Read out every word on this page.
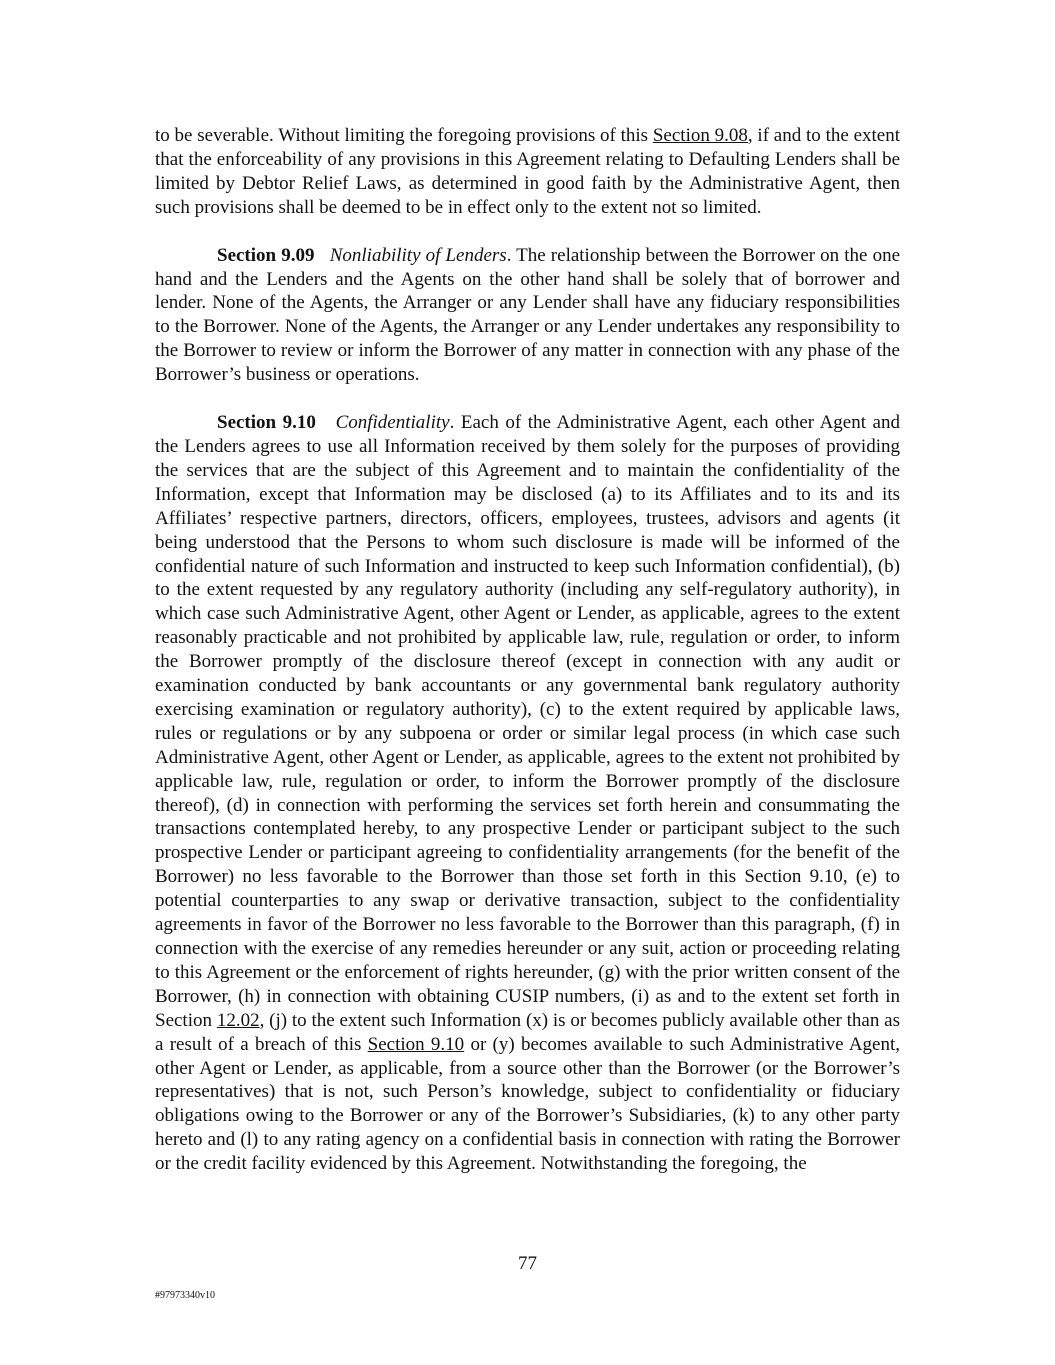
to be severable. Without limiting the foregoing provisions of this Section 9.08, if and to the extent that the enforceability of any provisions in this Agreement relating to Defaulting Lenders shall be limited by Debtor Relief Laws, as determined in good faith by the Administrative Agent, then such provisions shall be deemed to be in effect only to the extent not so limited.

Section 9.09 Nonliability of Lenders. The relationship between the Borrower on the one hand and the Lenders and the Agents on the other hand shall be solely that of borrower and lender. None of the Agents, the Arranger or any Lender shall have any fiduciary responsibilities to the Borrower. None of the Agents, the Arranger or any Lender undertakes any responsibility to the Borrower to review or inform the Borrower of any matter in connection with any phase of the Borrower’s business or operations.

Section 9.10 Confidentiality. Each of the Administrative Agent, each other Agent and the Lenders agrees to use all Information received by them solely for the purposes of providing the services that are the subject of this Agreement and to maintain the confidentiality of the Information, except that Information may be disclosed (a) to its Affiliates and to its and its Affiliates’ respective partners, directors, officers, employees, trustees, advisors and agents (it being understood that the Persons to whom such disclosure is made will be informed of the confidential nature of such Information and instructed to keep such Information confidential), (b) to the extent requested by any regulatory authority (including any self-regulatory authority), in which case such Administrative Agent, other Agent or Lender, as applicable, agrees to the extent reasonably practicable and not prohibited by applicable law, rule, regulation or order, to inform the Borrower promptly of the disclosure thereof (except in connection with any audit or examination conducted by bank accountants or any governmental bank regulatory authority exercising examination or regulatory authority), (c) to the extent required by applicable laws, rules or regulations or by any subpoena or order or similar legal process (in which case such Administrative Agent, other Agent or Lender, as applicable, agrees to the extent not prohibited by applicable law, rule, regulation or order, to inform the Borrower promptly of the disclosure thereof), (d) in connection with performing the services set forth herein and consummating the transactions contemplated hereby, to any prospective Lender or participant subject to the such prospective Lender or participant agreeing to confidentiality arrangements (for the benefit of the Borrower) no less favorable to the Borrower than those set forth in this Section 9.10, (e) to potential counterparties to any swap or derivative transaction, subject to the confidentiality agreements in favor of the Borrower no less favorable to the Borrower than this paragraph, (f) in connection with the exercise of any remedies hereunder or any suit, action or proceeding relating to this Agreement or the enforcement of rights hereunder, (g) with the prior written consent of the Borrower, (h) in connection with obtaining CUSIP numbers, (i) as and to the extent set forth in Section 12.02, (j) to the extent such Information (x) is or becomes publicly available other than as a result of a breach of this Section 9.10 or (y) becomes available to such Administrative Agent, other Agent or Lender, as applicable, from a source other than the Borrower (or the Borrower’s representatives) that is not, such Person’s knowledge, subject to confidentiality or fiduciary obligations owing to the Borrower or any of the Borrower’s Subsidiaries, (k) to any other party hereto and (l) to any rating agency on a confidential basis in connection with rating the Borrower or the credit facility evidenced by this Agreement. Notwithstanding the foregoing, the

77
#97973340v10
